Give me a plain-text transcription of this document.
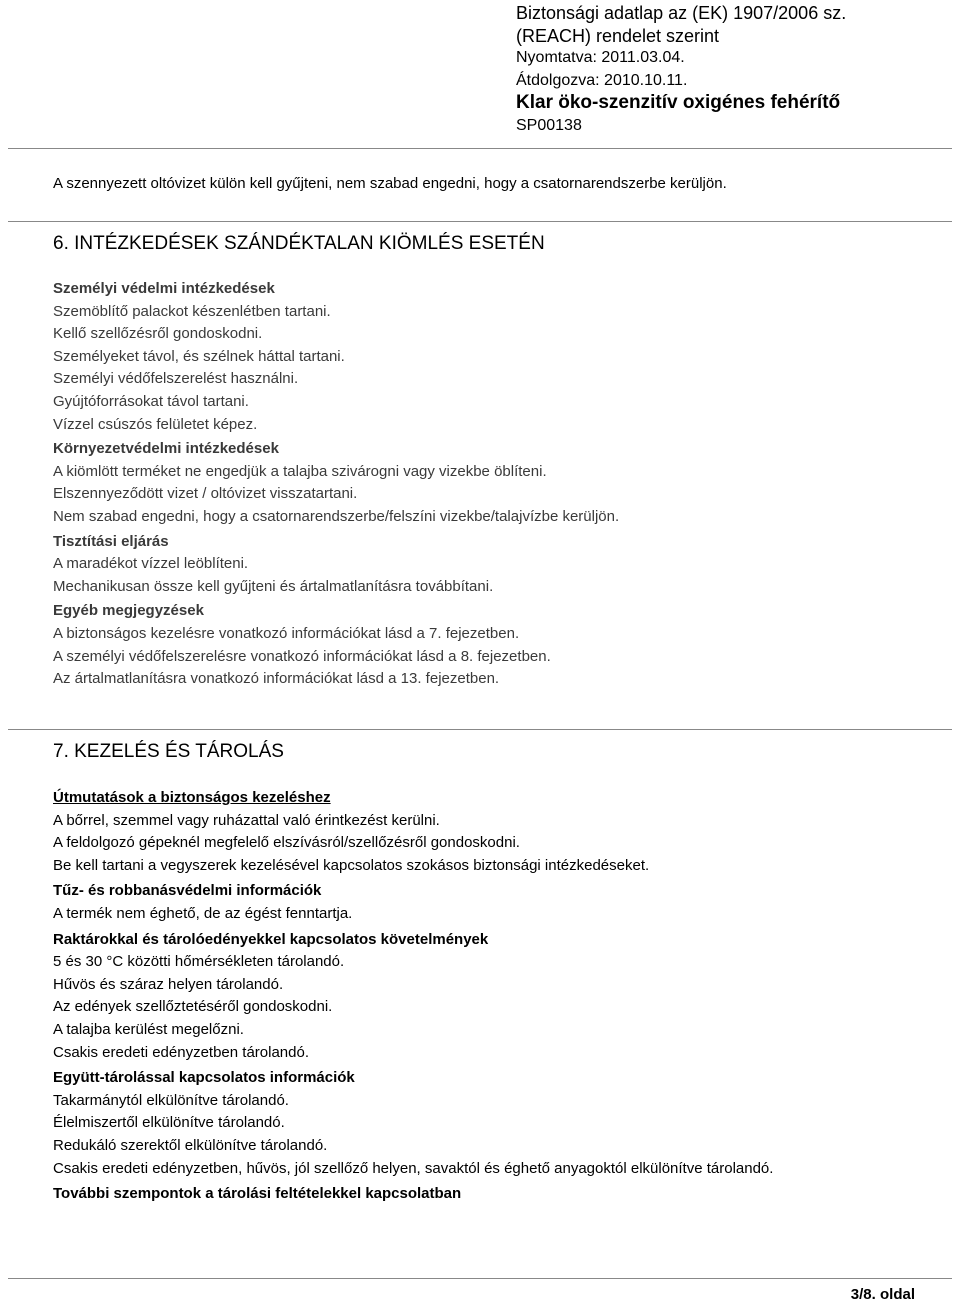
Biztonsági adatlap az (EK) 1907/2006 sz.
(REACH) rendelet szerint
Nyomtatva: 2011.03.04.
Átdolgozva: 2010.10.11.
Klar öko-szenzitív oxigénes fehérítő
SP00138
A szennyezett oltóvizet külön kell gyűjteni, nem szabad engedni, hogy a csatornarendszerbe kerüljön.
6. INTÉZKEDÉSEK SZÁNDÉKTALAN KIÖMLÉS ESETÉN
Személyi védelmi intézkedések
Szemöblítő palackot készenlétben tartani.
Kellő szellőzésről gondoskodni.
Személyeket távol, és szélnek háttal tartani.
Személyi védőfelszerelést használni.
Gyújtóforrásokat távol tartani.
Vízzel csúszós felületet képez.
Környezetvédelmi intézkedések
A kiömlött terméket ne engedjük a talajba szivárogni vagy vizekbe öblíteni.
Elszennyeződött vizet / oltóvizet visszatartani.
Nem szabad engedni, hogy a csatornarendszerbe/felszíni vizekbe/talajvízbe kerüljön.
Tisztítási eljárás
A maradékot vízzel leöblíteni.
Mechanikusan össze kell gyűjteni és ártalmatlanításra továbbítani.
Egyéb megjegyzések
A biztonságos kezelésre vonatkozó információkat lásd a 7. fejezetben.
A személyi védőfelszerelésre vonatkozó információkat lásd a 8. fejezetben.
Az ártalmatlanításra vonatkozó információkat lásd a 13. fejezetben.
7. KEZELÉS ÉS TÁROLÁS
Útmutatások a biztonságos kezeléshez
A bőrrel, szemmel vagy ruházattal való érintkezést kerülni.
A feldolgozó gépeknél megfelelő elszívásról/szellőzésről gondoskodni.
Be kell tartani a vegyszerek kezelésével kapcsolatos szokásos biztonsági intézkedéseket.
Tűz- és robbanásvédelmi információk
A termék nem éghető, de az égést fenntartja.
Raktárokkal és tárolóedényekkel kapcsolatos követelmények
5 és 30 °C közötti hőmérsékleten tárolandó.
Hűvös és száraz helyen tárolandó.
Az edények szellőztetéséről gondoskodni.
A talajba kerülést megelőzni.
Csakis eredeti edényzetben tárolandó.
Együtt-tárolással kapcsolatos információk
Takarmánytól elkülönítve tárolandó.
Élelmiszertől elkülönítve tárolandó.
Redukáló szerektől elkülönítve tárolandó.
Csakis eredeti edényzetben, hűvös, jól szellőző helyen, savaktól és éghető anyagoktól elkülönítve tárolandó.
További szempontok a tárolási feltételekkel kapcsolatban
3/8. oldal
